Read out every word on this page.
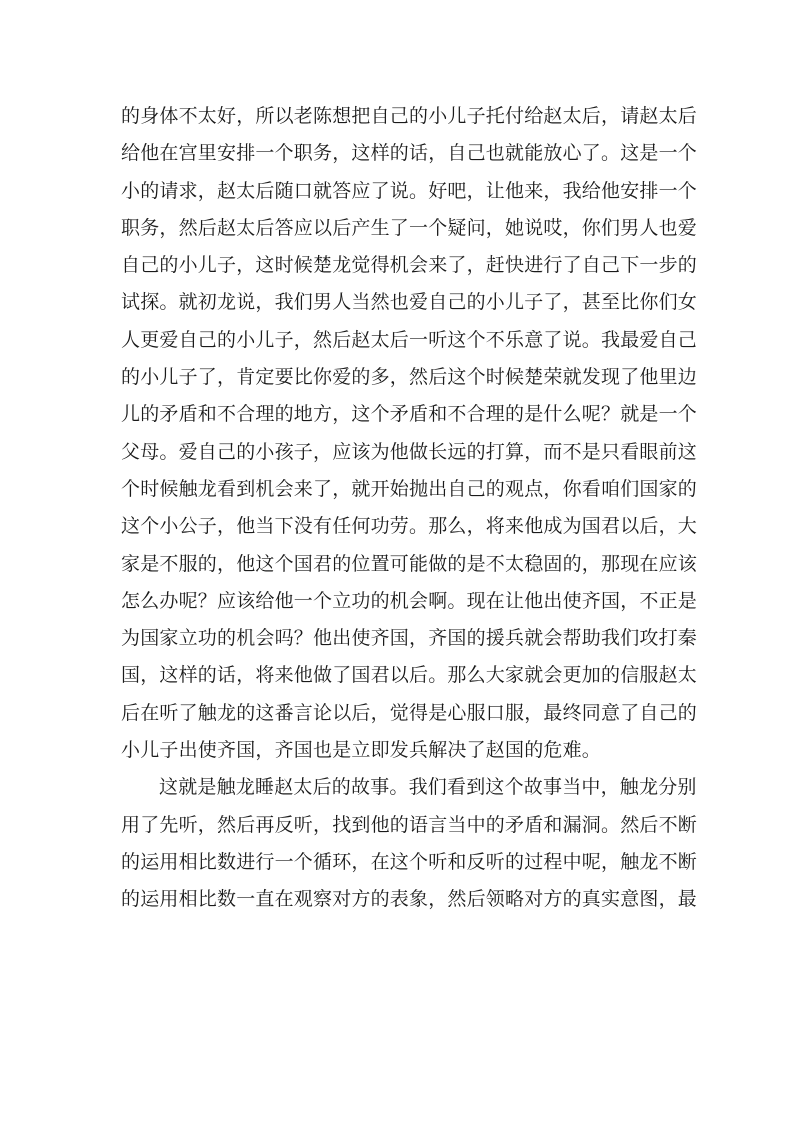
的身体不太好，所以老陈想把自己的小儿子托付给赵太后，请赵太后
给他在宫里安排一个职务，这样的话，自己也就能放心了。这是一个
小的请求，赵太后随口就答应了说。好吧，让他来，我给他安排一个
职务，然后赵太后答应以后产生了一个疑问，她说哎，你们男人也爱
自己的小儿子，这时候楚龙觉得机会来了，赶快进行了自己下一步的
试探。就初龙说，我们男人当然也爱自己的小儿子了，甚至比你们女
人更爱自己的小儿子，然后赵太后一听这个不乐意了说。我最爱自己
的小儿子了，肯定要比你爱的多，然后这个时候楚荣就发现了他里边
儿的矛盾和不合理的地方，这个矛盾和不合理的是什么呢？就是一个
父母。爱自己的小孩子，应该为他做长远的打算，而不是只看眼前这
个时候触龙看到机会来了，就开始抛出自己的观点，你看咱们国家的
这个小公子，他当下没有任何功劳。那么，将来他成为国君以后，大
家是不服的，他这个国君的位置可能做的是不太稳固的，那现在应该
怎么办呢？应该给他一个立功的机会啊。现在让他出使齐国，不正是
为国家立功的机会吗？他出使齐国，齐国的援兵就会帮助我们攻打秦
国，这样的话，将来他做了国君以后。那么大家就会更加的信服赵太
后在听了触龙的这番言论以后，觉得是心服口服，最终同意了自己的
小儿子出使齐国，齐国也是立即发兵解决了赵国的危难。
这就是触龙睡赵太后的故事。我们看到这个故事当中，触龙分别
用了先听，然后再反听，找到他的语言当中的矛盾和漏洞。然后不断
的运用相比数进行一个循环，在这个听和反听的过程中呢，触龙不断
的运用相比数一直在观察对方的表象，然后领略对方的真实意图，最
